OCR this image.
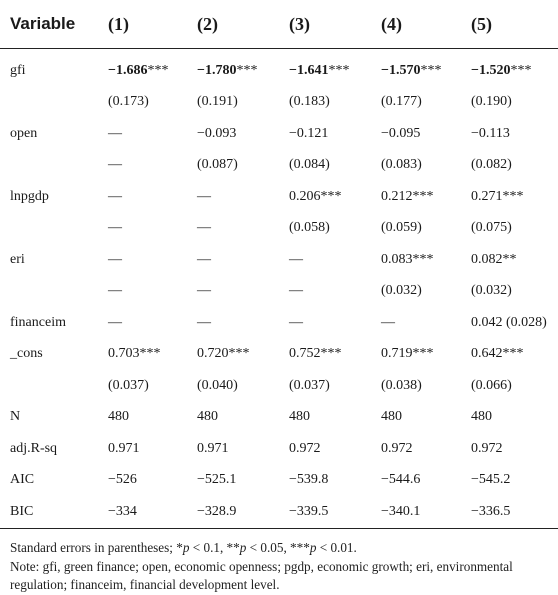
Variable	(1)	(2)	(3)	(4)	(5)
gfi	−1.686***	−1.780***	−1.641***	−1.570***	−1.520***
	(0.173)	(0.191)	(0.183)	(0.177)	(0.190)
open	—	−0.093	−0.121	−0.095	−0.113
	—	(0.087)	(0.084)	(0.083)	(0.082)
lnpgdp	—	—	0.206***	0.212***	0.271***
	—	—	(0.058)	(0.059)	(0.075)
eri	—	—	—	0.083***	0.082**
	—	—	—	(0.032)	(0.032)
financeim	—	—	—	—	0.042 (0.028)
_cons	0.703***	0.720***	0.752***	0.719***	0.642***
	(0.037)	(0.040)	(0.037)	(0.038)	(0.066)
N	480	480	480	480	480
adj.R-sq	0.971	0.971	0.972	0.972	0.972
AIC	−526	−525.1	−539.8	−544.6	−545.2
BIC	−334	−328.9	−339.5	−340.1	−336.5

Standard errors in parentheses; *p < 0.1, **p < 0.05, ***p < 0.01.

Note: gfi, green finance; open, economic openness; pgdp, economic growth; eri, environmental regulation; financeim, financial development level.
